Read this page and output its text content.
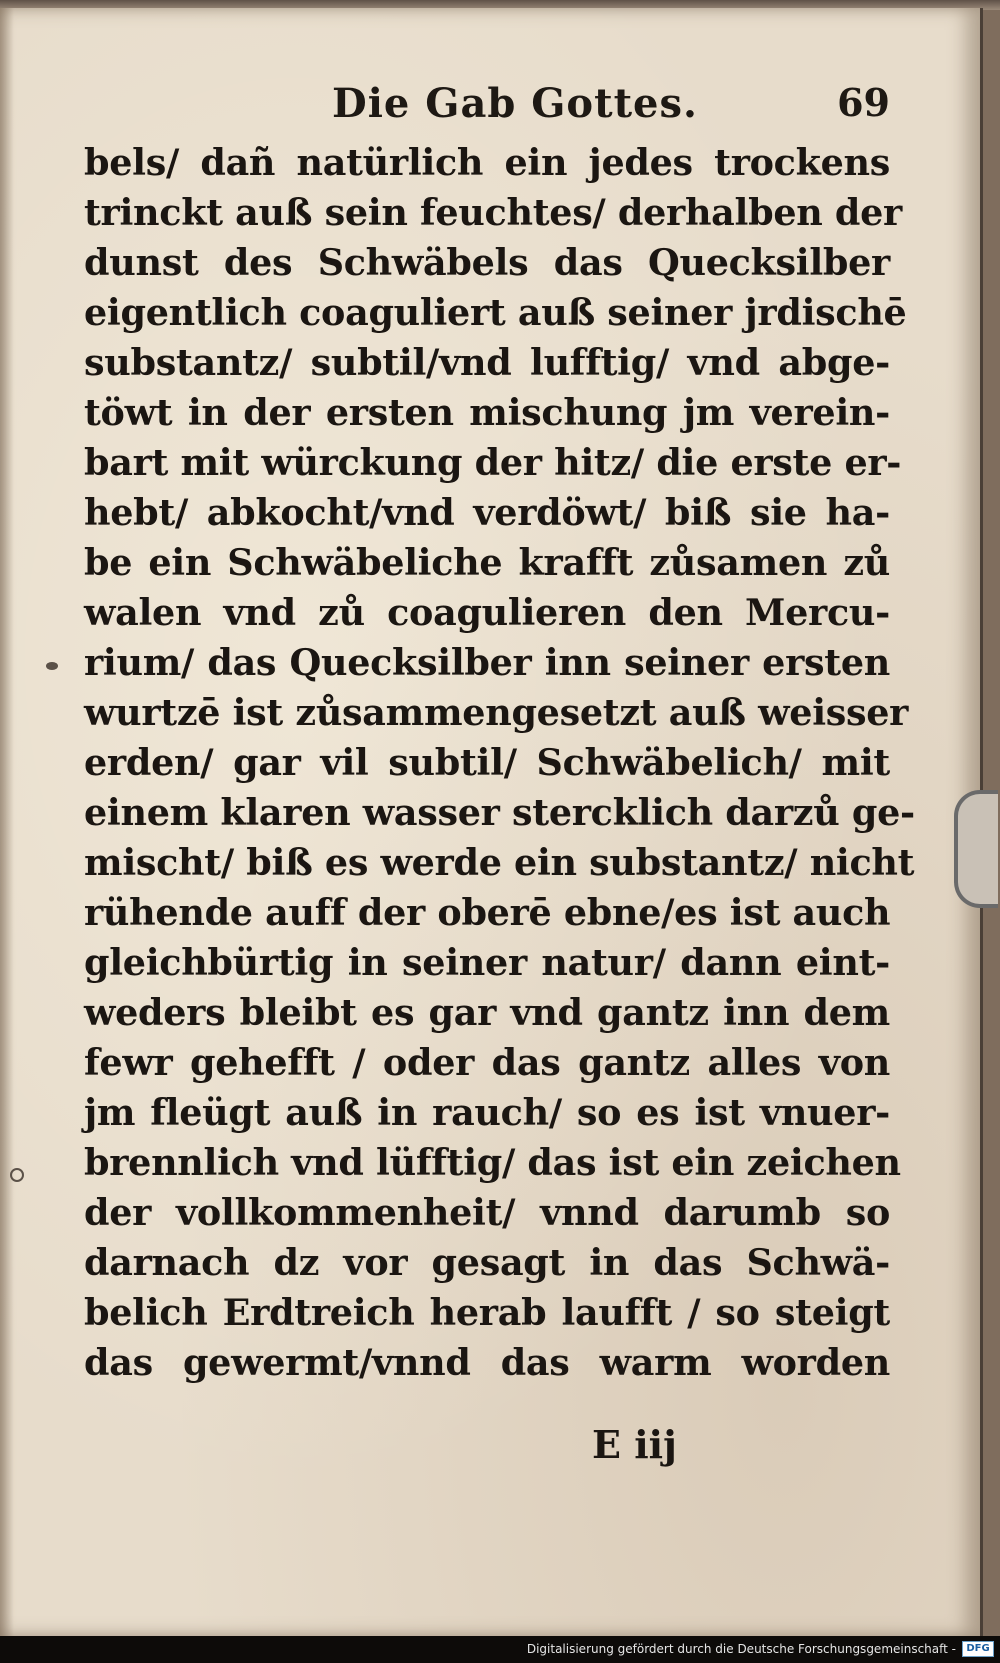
Die Gab Gottes.	69
bels/ dañ natürlich ein jedes trockens
trinckt auß sein feuchtes/ derhalben der
dunst des Schwäbels das Quecksilber
eigentlich coaguliert auß seiner jrdischē
substantz/ subtil/vnd lufftig/ vnd abge-
töwt in der ersten mischung jm verein-
bart mit würckung der hitz/ die erste er-
hebt/ abkocht/vnd verdöwt/ biß sie ha-
be ein Schwäbeliche krafft zůsamen zů
walen vnd zů coagulieren den Mercu-
rium/ das Quecksilber inn seiner ersten
wurtzē ist zůsammengesetzt auß weisser
erden/ gar vil subtil/ Schwäbelich/ mit
einem klaren wasser stercklich darzů ge-
mischt/ biß es werde ein substantz/ nicht
rühende auff der oberē ebne/es ist auch
gleichbürtig in seiner natur/ dann eint-
weders bleibt es gar vnd gantz inn dem
fewr gehefft / oder das gantz alles von
jm fleügt auß in rauch/ so es ist vnuer-
brennlich vnd lüfftig/ das ist ein zeichen
der vollkommenheit/ vnnd darumb so
darnach dz vor gesagt in das Schwä-
belich Erdtreich herab laufft / so steigt
das gewermt/vnnd das warm worden
E iij
Digitalisierung gefördert durch die Deutsche Forschungsgemeinschaft -	DFG
